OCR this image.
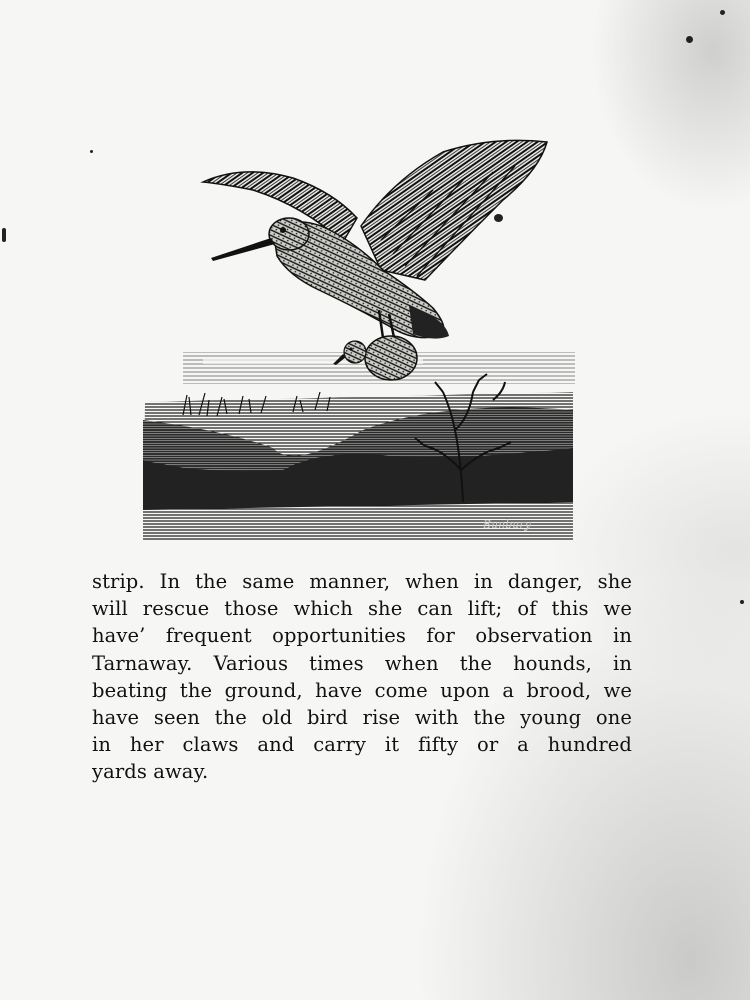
Bunbury

strip. In the same manner, when in danger, she
will rescue those which she can lift; of this we
have’ frequent opportunities for observation in
Tarnaway. Various times when the hounds, in
beating the ground, have come upon a brood, we
have seen the old bird rise with the young one
in her claws and carry it fifty or a hundred
yards away.
